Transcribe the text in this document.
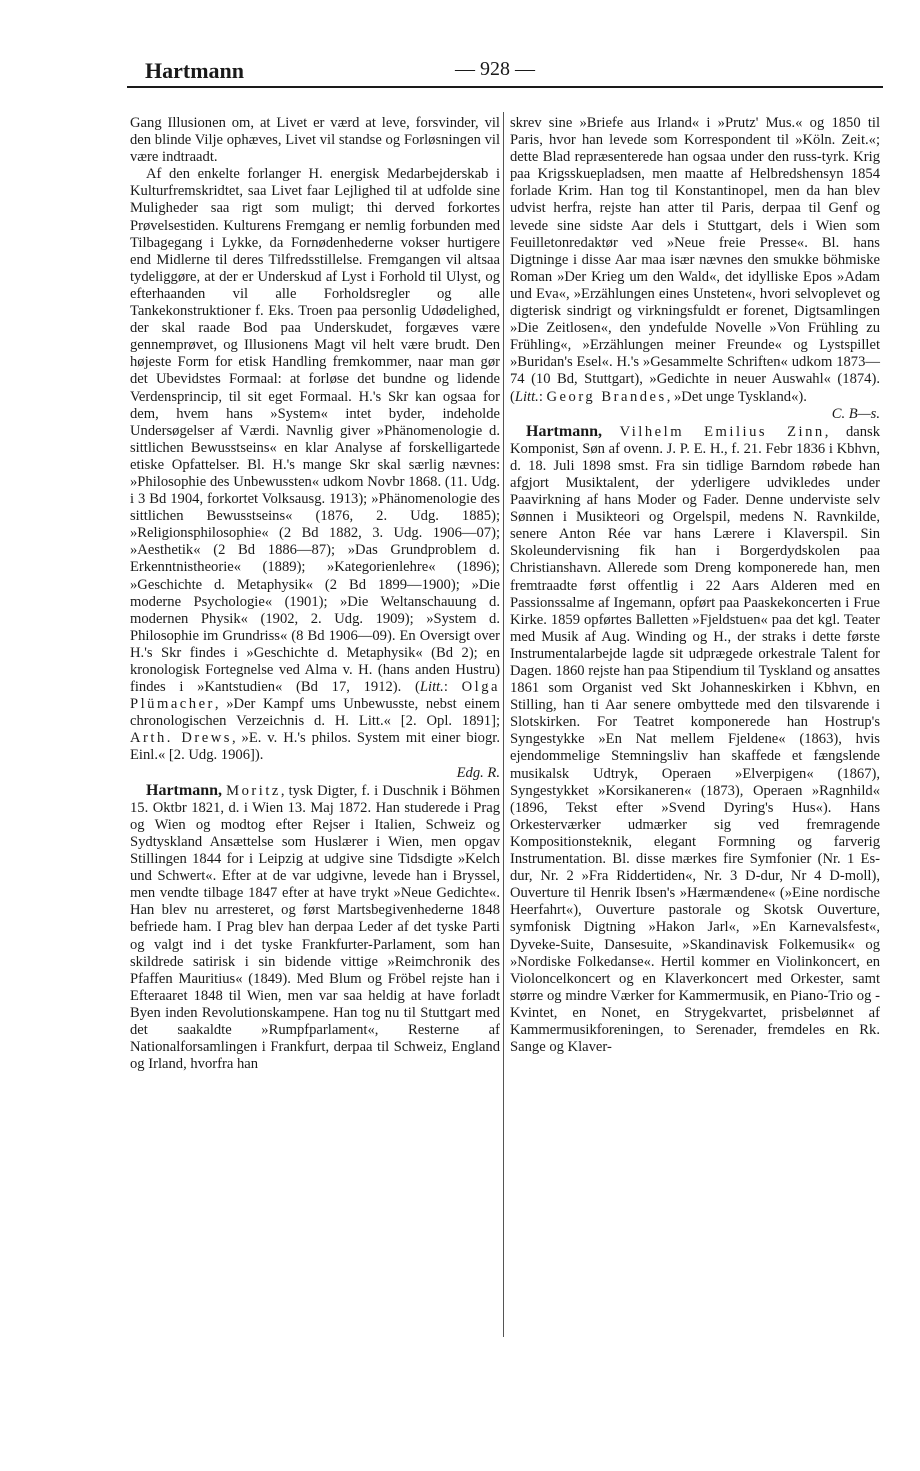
Hartmann	— 928 —

Gang Illusionen om, at Livet er værd at leve, forsvinder, vil den blinde Vilje ophæves, Livet vil standse og Forløsningen vil være indtraadt.

Af den enkelte forlanger H. energisk Medarbejderskab i Kulturfremskridtet, saa Livet faar Lejlighed til at udfolde sine Muligheder saa rigt som muligt; thi derved forkortes Prøvelsestiden. Kulturens Fremgang er nemlig forbunden med Tilbagegang i Lykke, da Fornødenhederne vokser hurtigere end Midlerne til deres Tilfredsstillelse. Fremgangen vil altsaa tydeliggøre, at der er Underskud af Lyst i Forhold til Ulyst, og efterhaanden vil alle Forholdsregler og alle Tankekonstruktioner f. Eks. Troen paa personlig Udødelighed, der skal raade Bod paa Underskudet, forgæves være gennemprøvet, og Illusionens Magt vil helt være brudt. Den højeste Form for etisk Handling fremkommer, naar man gør det Ubevidstes Formaal: at forløse det bundne og lidende Verdensprincip, til sit eget Formaal. H.'s Skr kan ogsaa for dem, hvem hans »System« intet byder, indeholde Undersøgelser af Værdi. Navnlig giver »Phänomenologie d. sittlichen Bewusstseins« en klar Analyse af forskelligartede etiske Opfattelser. Bl. H.'s mange Skr skal særlig nævnes: »Philosophie des Unbewussten« udkom Novbr 1868. (11. Udg. i 3 Bd 1904, forkortet Volksausg. 1913); »Phänomenologie des sittlichen Bewusstseins« (1876, 2. Udg. 1885); »Religionsphilosophie« (2 Bd 1882, 3. Udg. 1906—07); »Aesthetik« (2 Bd 1886—87); »Das Grundproblem d. Erkenntnistheorie« (1889); »Kategorienlehre« (1896); »Geschichte d. Metaphysik« (2 Bd 1899—1900); »Die moderne Psychologie« (1901); »Die Weltanschauung d. modernen Physik« (1902, 2. Udg. 1909); »System d. Philosophie im Grundriss« (8 Bd 1906—09). En Oversigt over H.'s Skr findes i »Geschichte d. Metaphysik« (Bd 2); en kronologisk Fortegnelse ved Alma v. H. (hans anden Hustru) findes i »Kantstudien« (Bd 17, 1912). (Litt.: Olga Plümacher, »Der Kampf ums Unbewusste, nebst einem chronologischen Verzeichnis d. H. Litt.« [2. Opl. 1891]; Arth. Drews, »E. v. H.'s philos. System mit einer biogr. Einl.« [2. Udg. 1906]).

Edg. R.

Hartmann, Moritz, tysk Digter, f. i Duschnik i Böhmen 15. Oktbr 1821, d. i Wien 13. Maj 1872. Han studerede i Prag og Wien og modtog efter Rejser i Italien, Schweiz og Sydtyskland Ansættelse som Huslærer i Wien, men opgav Stillingen 1844 for i Leipzig at udgive sine Tidsdigte »Kelch und Schwert«. Efter at de var udgivne, levede han i Bryssel, men vendte tilbage 1847 efter at have trykt »Neue Gedichte«. Han blev nu arresteret, og først Martsbegivenhederne 1848 befriede ham. I Prag blev han derpaa Leder af det tyske Parti og valgt ind i det tyske Frankfurter-Parlament, som han skildrede satirisk i sin bidende vittige »Reimchronik des Pfaffen Mauritius« (1849). Med Blum og Fröbel rejste han i Efteraaret 1848 til Wien, men var saa heldig at have forladt Byen inden Revolutionskampene. Han tog nu til Stuttgart med det saakaldte »Rumpfparlament«, Resterne af Nationalforsamlingen i Frankfurt, derpaa til Schweiz, England og Irland, hvorfra han

skrev sine »Briefe aus Irland« i »Prutz' Mus.« og 1850 til Paris, hvor han levede som Korrespondent til »Köln. Zeit.«; dette Blad repræsenterede han ogsaa under den russ-tyrk. Krig paa Krigsskuepladsen, men maatte af Helbredshensyn 1854 forlade Krim. Han tog til Konstantinopel, men da han blev udvist herfra, rejste han atter til Paris, derpaa til Genf og levede sine sidste Aar dels i Stuttgart, dels i Wien som Feuilletonredaktør ved »Neue freie Presse«. Bl. hans Digtninge i disse Aar maa især nævnes den smukke böhmiske Roman »Der Krieg um den Wald«, det idylliske Epos »Adam und Eva«, »Erzählungen eines Unsteten«, hvori selvoplevet og digterisk sindrigt og virkningsfuldt er forenet, Digtsamlingen »Die Zeitlosen«, den yndefulde Novelle »Von Frühling zu Frühling«, »Erzählungen meiner Freunde« og Lystspillet »Buridan's Esel«. H.'s »Gesammelte Schriften« udkom 1873—74 (10 Bd, Stuttgart), »Gedichte in neuer Auswahl« (1874). (Litt.: Georg Brandes, »Det unge Tyskland«).

C. B—s.

Hartmann, Vilhelm Emilius Zinn, dansk Komponist, Søn af ovenn. J. P. E. H., f. 21. Febr 1836 i Kbhvn, d. 18. Juli 1898 smst. Fra sin tidlige Barndom røbede han afgjort Musiktalent, der yderligere udvikledes under Paavirkning af hans Moder og Fader. Denne underviste selv Sønnen i Musikteori og Orgelspil, medens N. Ravnkilde, senere Anton Rée var hans Lærere i Klaverspil. Sin Skoleundervisning fik han i Borgerdydskolen paa Christianshavn. Allerede som Dreng komponerede han, men fremtraadte først offentlig i 22 Aars Alderen med en Passionssalme af Ingemann, opført paa Paaskekoncerten i Frue Kirke. 1859 opførtes Balletten »Fjeldstuen« paa det kgl. Teater med Musik af Aug. Winding og H., der straks i dette første Instrumentalarbejde lagde sit udprægede orkestrale Talent for Dagen. 1860 rejste han paa Stipendium til Tyskland og ansattes 1861 som Organist ved Skt Johanneskirken i Kbhvn, en Stilling, han ti Aar senere ombyttede med den tilsvarende i Slotskirken. For Teatret komponerede han Hostrup's Syngestykke »En Nat mellem Fjeldene« (1863), hvis ejendommelige Stemningsliv han skaffede et fængslende musikalsk Udtryk, Operaen »Elverpigen« (1867), Syngestykket »Korsikaneren« (1873), Operaen »Ragnhild« (1896, Tekst efter »Svend Dyring's Hus«). Hans Orkesterværker udmærker sig ved fremragende Kompositionsteknik, elegant Formning og farverig Instrumentation. Bl. disse mærkes fire Symfonier (Nr. 1 Es-dur, Nr. 2 »Fra Riddertiden«, Nr. 3 D-dur, Nr 4 D-moll), Ouverture til Henrik Ibsen's »Hærmændene« (»Eine nordische Heerfahrt«), Ouverture pastorale og Skotsk Ouverture, symfonisk Digtning »Hakon Jarl«, »En Karnevalsfest«, Dyveke-Suite, Dansesuite, »Skandinavisk Folkemusik« og »Nordiske Folkedanse«. Hertil kommer en Violinkoncert, en Violoncelkoncert og en Klaverkoncert med Orkester, samt større og mindre Værker for Kammermusik, en Piano-Trio og -Kvintet, en Nonet, en Strygekvartet, prisbelønnet af Kammermusikforeningen, to Serenader, fremdeles en Rk. Sange og Klaver-
